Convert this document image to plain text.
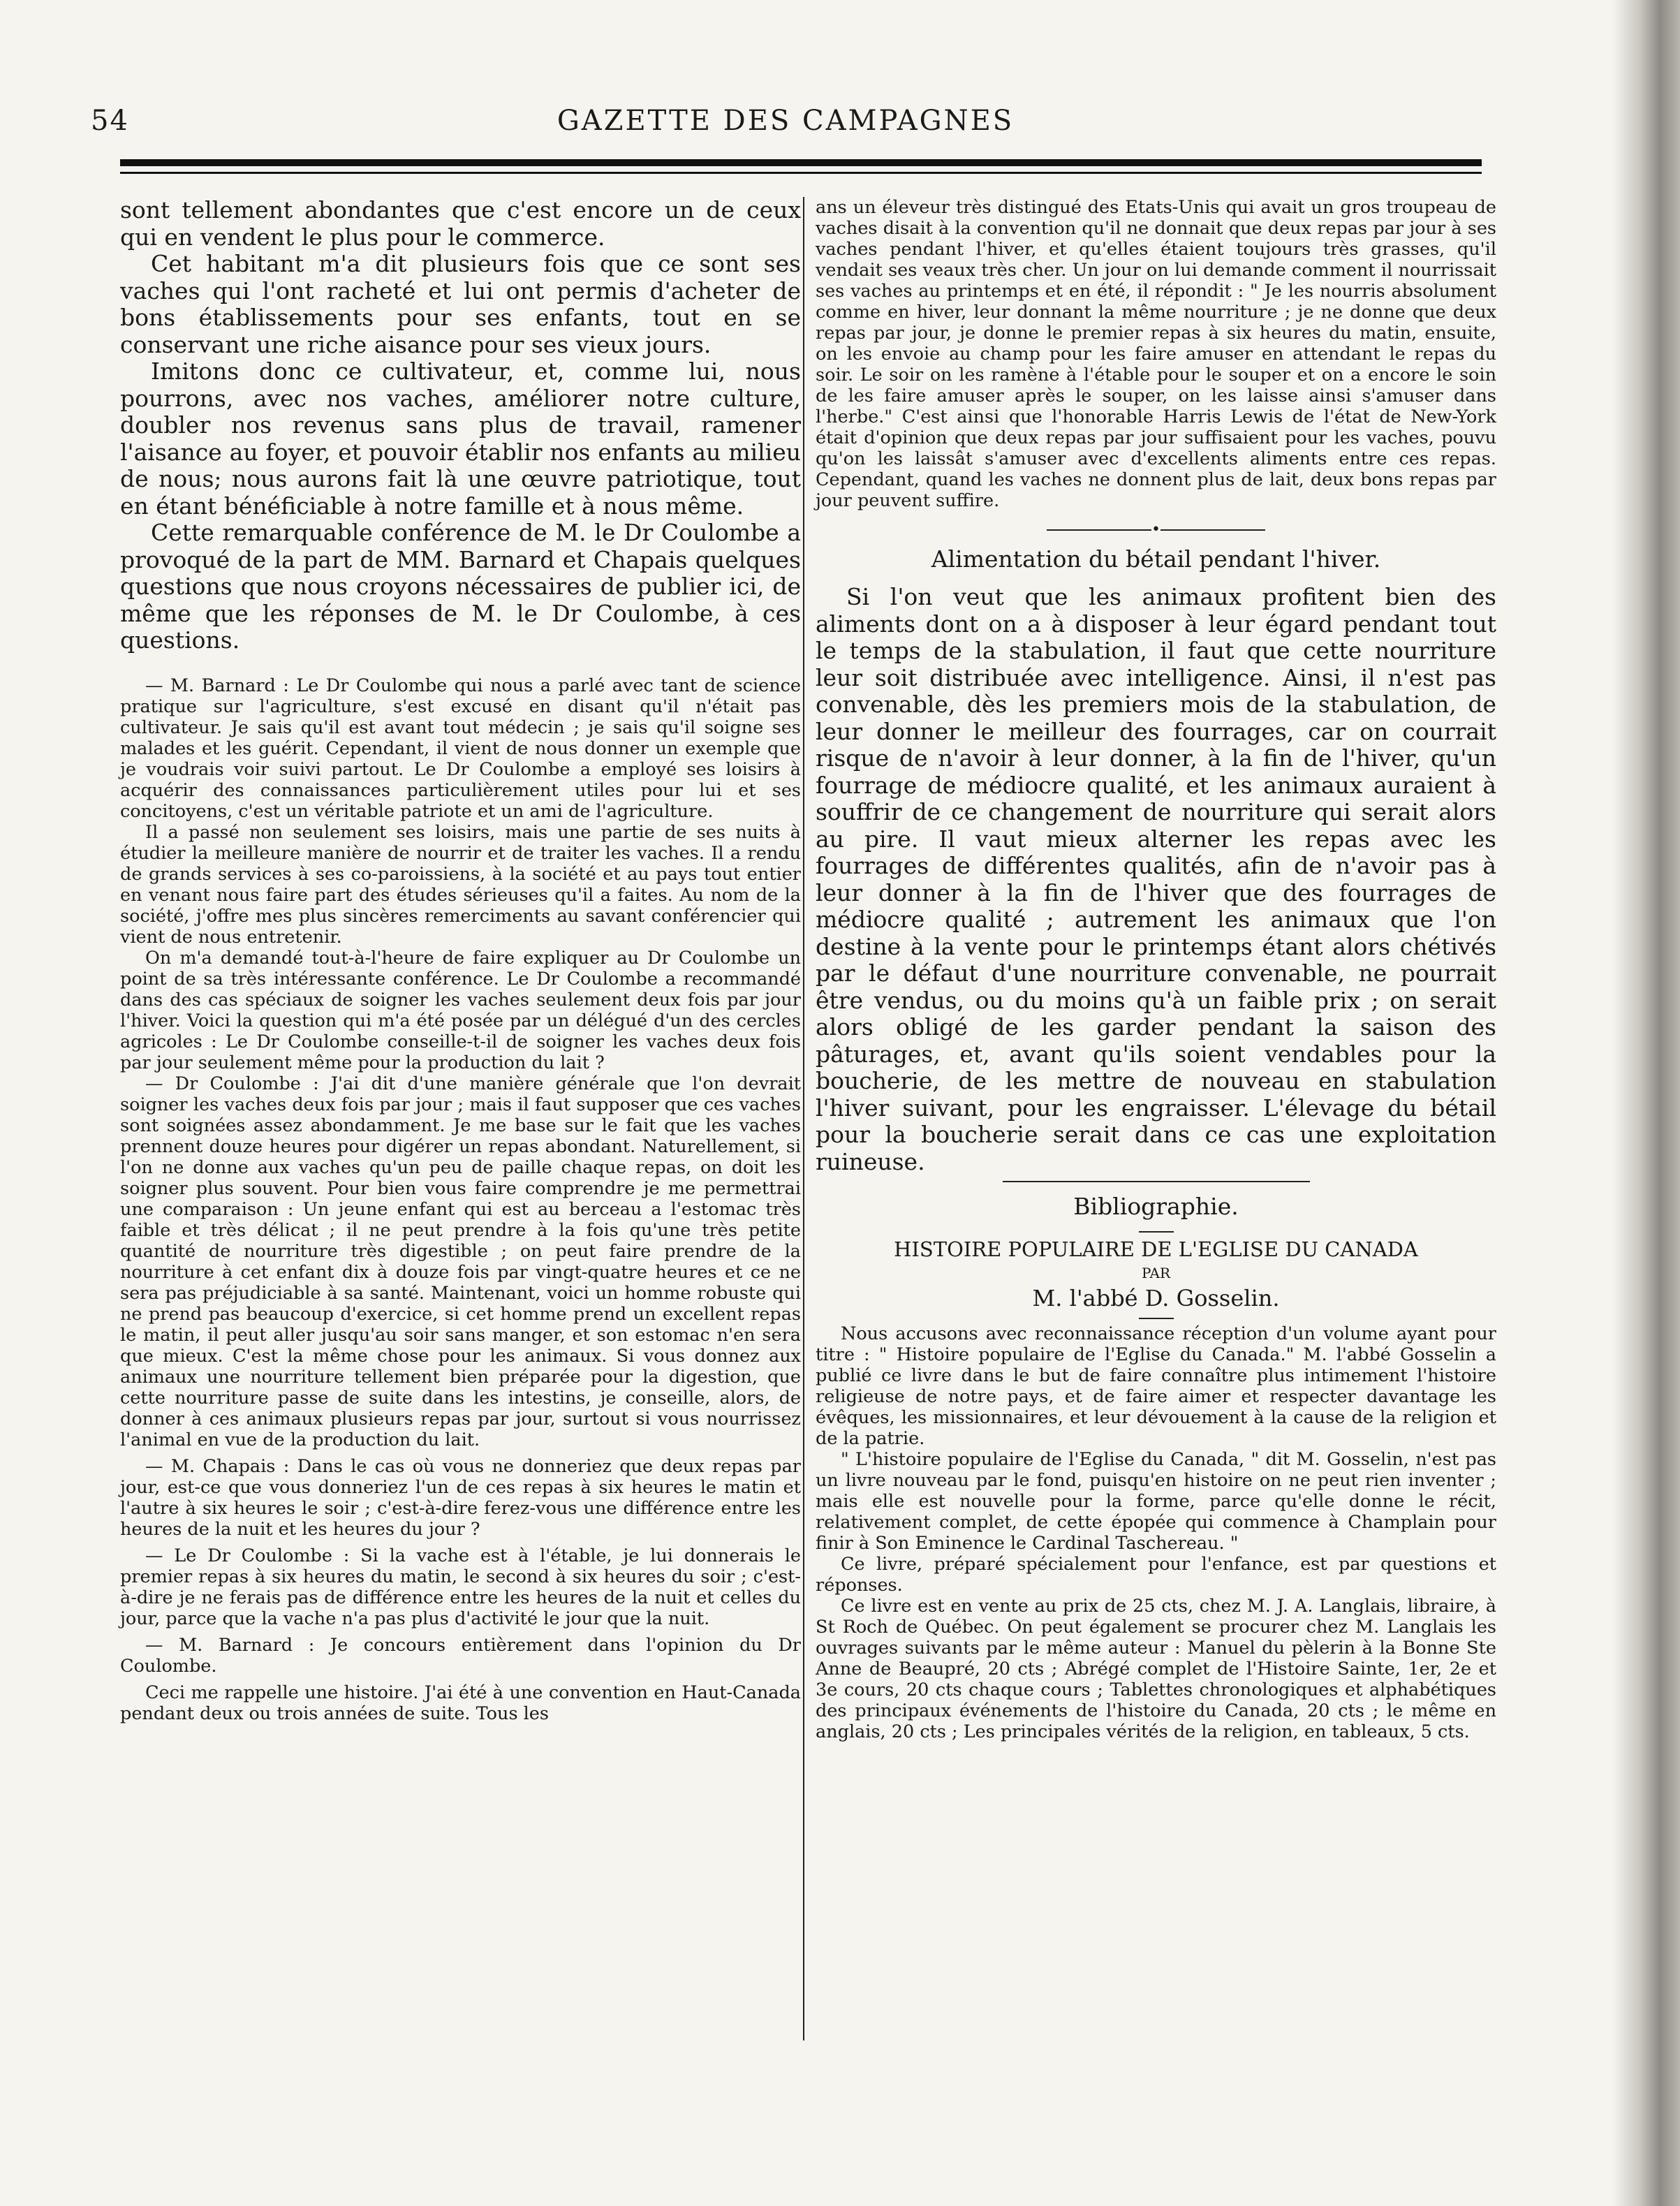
54	GAZETTE DES CAMPAGNES

sont tellement abondantes que c'est encore un de ceux qui en vendent le plus pour le commerce.

Cet habitant m'a dit plusieurs fois que ce sont ses vaches qui l'ont racheté et lui ont permis d'acheter de bons établissements pour ses enfants, tout en se conservant une riche aisance pour ses vieux jours.

Imitons donc ce cultivateur, et, comme lui, nous pourrons, avec nos vaches, améliorer notre culture, doubler nos revenus sans plus de travail, ramener l'aisance au foyer, et pouvoir établir nos enfants au milieu de nous; nous aurons fait là une œuvre patriotique, tout en étant bénéficiable à notre famille et à nous même.

Cette remarquable conférence de M. le Dr Coulombe a provoqué de la part de MM. Barnard et Chapais quelques questions que nous croyons nécessaires de publier ici, de même que les réponses de M. le Dr Coulombe, à ces questions.

— M. Barnard : Le Dr Coulombe qui nous a parlé avec tant de science pratique sur l'agriculture, s'est excusé en disant qu'il n'était pas cultivateur. Je sais qu'il est avant tout médecin ; je sais qu'il soigne ses malades et les guérit. Cependant, il vient de nous donner un exemple que je voudrais voir suivi partout. Le Dr Coulombe a employé ses loisirs à acquérir des connaissances particulièrement utiles pour lui et ses concitoyens, c'est un véritable patriote et un ami de l'agriculture.

Il a passé non seulement ses loisirs, mais une partie de ses nuits à étudier la meilleure manière de nourrir et de traiter les vaches. Il a rendu de grands services à ses co-paroissiens, à la société et au pays tout entier en venant nous faire part des études sérieuses qu'il a faites. Au nom de la société, j'offre mes plus sincères remerciments au savant conférencier qui vient de nous entretenir.

On m'a demandé tout-à-l'heure de faire expliquer au Dr Coulombe un point de sa très intéressante conférence. Le Dr Coulombe a recommandé dans des cas spéciaux de soigner les vaches seulement deux fois par jour l'hiver. Voici la question qui m'a été posée par un délégué d'un des cercles agricoles : Le Dr Coulombe conseille-t-il de soigner les vaches deux fois par jour seulement même pour la production du lait ?

— Dr Coulombe : J'ai dit d'une manière générale que l'on devrait soigner les vaches deux fois par jour ; mais il faut supposer que ces vaches sont soignées assez abondamment. Je me base sur le fait que les vaches prennent douze heures pour digérer un repas abondant. Naturellement, si l'on ne donne aux vaches qu'un peu de paille chaque repas, on doit les soigner plus souvent. Pour bien vous faire comprendre je me permettrai une comparaison : Un jeune enfant qui est au berceau a l'estomac très faible et très délicat ; il ne peut prendre à la fois qu'une très petite quantité de nourriture très digestible ; on peut faire prendre de la nourriture à cet enfant dix à douze fois par vingt-quatre heures et ce ne sera pas préjudiciable à sa santé. Maintenant, voici un homme robuste qui ne prend pas beaucoup d'exercice, si cet homme prend un excellent repas le matin, il peut aller jusqu'au soir sans manger, et son estomac n'en sera que mieux. C'est la même chose pour les animaux. Si vous donnez aux animaux une nourriture tellement bien préparée pour la digestion, que cette nourriture passe de suite dans les intestins, je conseille, alors, de donner à ces animaux plusieurs repas par jour, surtout si vous nourrissez l'animal en vue de la production du lait.

— M. Chapais : Dans le cas où vous ne donneriez que deux repas par jour, est-ce que vous donneriez l'un de ces repas à six heures le matin et l'autre à six heures le soir ; c'est-à-dire ferez-vous une différence entre les heures de la nuit et les heures du jour ?

— Le Dr Coulombe : Si la vache est à l'étable, je lui donnerais le premier repas à six heures du matin, le second à six heures du soir ; c'est-à-dire je ne ferais pas de différence entre les heures de la nuit et celles du jour, parce que la vache n'a pas plus d'activité le jour que la nuit.

— M. Barnard : Je concours entièrement dans l'opinion du Dr Coulombe.

Ceci me rappelle une histoire. J'ai été à une convention en Haut-Canada pendant deux ou trois années de suite. Tous les

ans un éleveur très distingué des Etats-Unis qui avait un gros troupeau de vaches disait à la convention qu'il ne donnait que deux repas par jour à ses vaches pendant l'hiver, et qu'elles étaient toujours très grasses, qu'il vendait ses veaux très cher. Un jour on lui demande comment il nourrissait ses vaches au printemps et en été, il répondit : " Je les nourris absolument comme en hiver, leur donnant la même nourriture ; je ne donne que deux repas par jour, je donne le premier repas à six heures du matin, ensuite, on les envoie au champ pour les faire amuser en attendant le repas du soir. Le soir on les ramène à l'étable pour le souper et on a encore le soin de les faire amuser après le souper, on les laisse ainsi s'amuser dans l'herbe." C'est ainsi que l'honorable Harris Lewis de l'état de New-York était d'opinion que deux repas par jour suffisaient pour les vaches, pouvu qu'on les laissât s'amuser avec d'excellents aliments entre ces repas. Cependant, quand les vaches ne donnent plus de lait, deux bons repas par jour peuvent suffire.

•
Alimentation du bétail pendant l'hiver.

Si l'on veut que les animaux profitent bien des aliments dont on a à disposer à leur égard pendant tout le temps de la stabulation, il faut que cette nourriture leur soit distribuée avec intelligence. Ainsi, il n'est pas convenable, dès les premiers mois de la stabulation, de leur donner le meilleur des fourrages, car on courrait risque de n'avoir à leur donner, à la fin de l'hiver, qu'un fourrage de médiocre qualité, et les animaux auraient à souffrir de ce changement de nourriture qui serait alors au pire. Il vaut mieux alterner les repas avec les fourrages de différentes qualités, afin de n'avoir pas à leur donner à la fin de l'hiver que des fourrages de médiocre qualité ; autrement les animaux que l'on destine à la vente pour le printemps étant alors chétivés par le défaut d'une nourriture convenable, ne pourrait être vendus, ou du moins qu'à un faible prix ; on serait alors obligé de les garder pendant la saison des pâturages, et, avant qu'ils soient vendables pour la boucherie, de les mettre de nouveau en stabulation l'hiver suivant, pour les engraisser. L'élevage du bétail pour la boucherie serait dans ce cas une exploitation ruineuse.

Bibliographie.
HISTOIRE POPULAIRE DE L'EGLISE DU CANADA
PAR
M. l'abbé D. Gosselin.

Nous accusons avec reconnaissance réception d'un volume ayant pour titre : " Histoire populaire de l'Eglise du Canada." M. l'abbé Gosselin a publié ce livre dans le but de faire connaître plus intimement l'histoire religieuse de notre pays, et de faire aimer et respecter davantage les évêques, les missionnaires, et leur dévouement à la cause de la religion et de la patrie.

" L'histoire populaire de l'Eglise du Canada, " dit M. Gosselin, n'est pas un livre nouveau par le fond, puisqu'en histoire on ne peut rien inventer ; mais elle est nouvelle pour la forme, parce qu'elle donne le récit, relativement complet, de cette épopée qui commence à Champlain pour finir à Son Eminence le Cardinal Taschereau. "

Ce livre, préparé spécialement pour l'enfance, est par questions et réponses.

Ce livre est en vente au prix de 25 cts, chez M. J. A. Langlais, libraire, à St Roch de Québec. On peut également se procurer chez M. Langlais les ouvrages suivants par le même auteur : Manuel du pèlerin à la Bonne Ste Anne de Beaupré, 20 cts ; Abrégé complet de l'Histoire Sainte, 1er, 2e et 3e cours, 20 cts chaque cours ; Tablettes chronologiques et alphabétiques des principaux événements de l'histoire du Canada, 20 cts ; le même en anglais, 20 cts ; Les principales vérités de la religion, en tableaux, 5 cts.
